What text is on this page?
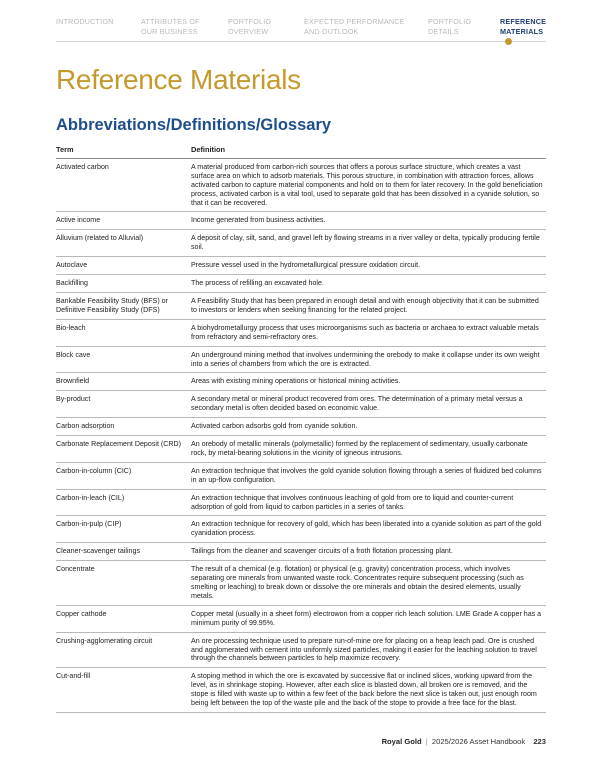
INTRODUCTION	ATTRIBUTES OF
OUR BUSINESS
PORTFOLIO
OVERVIEW
EXPECTED PERFORMANCE
AND OUTLOOK
PORTFOLIO
DETAILS
REFERENCE
MATERIALS
Reference Materials
Abbreviations/Definitions/Glossary
Term	Definition
Activated carbon	A material produced from carbon-rich sources that offers a porous surface structure, which creates a vast surface area on which to adsorb materials. This porous structure, in combination with attraction forces, allows activated carbon to capture material components and hold on to them for later recovery. In the gold beneficiation process, activated carbon is a vital tool, used to separate gold that has been dissolved in a cyanide solution, so that it can be recovered.
Active income	Income generated from business activities.
Alluvium (related to Alluvial)	A deposit of clay, silt, sand, and gravel left by flowing streams in a river valley or delta, typically producing fertile soil.
Autoclave	Pressure vessel used in the hydrometallurgical pressure oxidation circuit.
Backfilling	The process of refilling an excavated hole.
Bankable Feasibility Study (BFS) or Definitive Feasibility Study (DFS)	A Feasibility Study that has been prepared in enough detail and with enough objectivity that it can be submitted to investors or lenders when seeking financing for the related project.
Bio-leach	A biohydrometallurgy process that uses microorganisms such as bacteria or archaea to extract valuable metals from refractory and semi-refractory ores.
Block cave	An underground mining method that involves undermining the orebody to make it collapse under its own weight into a series of chambers from which the ore is extracted.
Brownfield	Areas with existing mining operations or historical mining activities.
By-product	A secondary metal or mineral product recovered from ores. The determination of a primary metal versus a secondary metal is often decided based on economic value.
Carbon adsorption	Activated carbon adsorbs gold from cyanide solution.
Carbonate Replacement Deposit (CRD)	An orebody of metallic minerals (polymetallic) formed by the replacement of sedimentary, usually carbonate rock, by metal-bearing solutions in the vicinity of igneous intrusions.
Carbon-in-column (CIC)	An extraction technique that involves the gold cyanide solution flowing through a series of fluidized bed columns in an up-flow configuration.
Carbon-in-leach (CIL)	An extraction technique that involves continuous leaching of gold from ore to liquid and counter-current adsorption of gold from liquid to carbon particles in a series of tanks.
Carbon-in-pulp (CIP)	An extraction technique for recovery of gold, which has been liberated into a cyanide solution as part of the gold cyanidation process.
Cleaner-scavenger tailings	Tailings from the cleaner and scavenger circuits of a froth flotation processing plant.
Concentrate	The result of a chemical (e.g. flotation) or physical (e.g. gravity) concentration process, which involves separating ore minerals from unwanted waste rock. Concentrates require subsequent processing (such as smelting or leaching) to break down or dissolve the ore minerals and obtain the desired elements, usually metals.
Copper cathode	Copper metal (usually in a sheet form) electrowon from a copper rich leach solution. LME Grade A copper has a minimum purity of 99.95%.
Crushing-agglomerating circuit	An ore processing technique used to prepare run-of-mine ore for placing on a heap leach pad. Ore is crushed and agglomerated with cement into uniformly sized particles, making it easier for the leaching solution to travel through the channels between particles to help maximize recovery.
Cut-and-fill	A stoping method in which the ore is excavated by successive flat or inclined slices, working upward from the level, as in shrinkage stoping. However, after each slice is blasted down, all broken ore is removed, and the stope is filled with waste up to within a few feet of the back before the next slice is taken out, just enough room being left between the top of the waste pile and the back of the stope to provide a free face for the blast.
Royal Gold | 2025/2026 Asset Handbook 223
